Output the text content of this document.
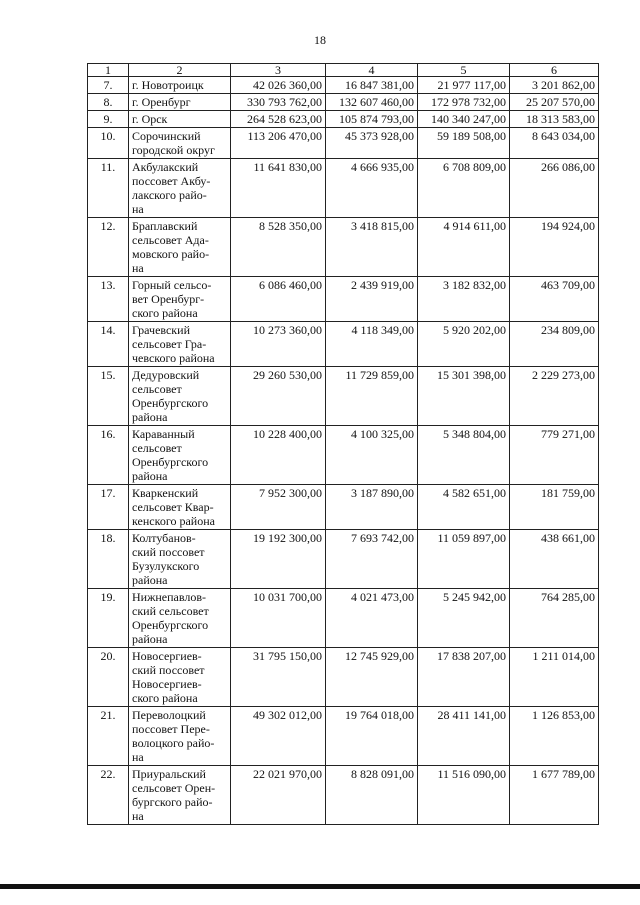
18
1	2	3	4	5	6
7.	г. Новотроицк	42 026 360,00	16 847 381,00	21 977 117,00	3 201 862,00
8.	г. Оренбург	330 793 762,00	132 607 460,00	172 978 732,00	25 207 570,00
9.	г. Орск	264 528 623,00	105 874 793,00	140 340 247,00	18 313 583,00
10.	Сорочинский
городской округ	113 206 470,00	45 373 928,00	59 189 508,00	8 643 034,00
11.	Акбулакский
поссовет Акбу-
лакского райо-
на	11 641 830,00	4 666 935,00	6 708 809,00	266 086,00
12.	Браплавский
сельсовет Ада-
мовского райо-
на	8 528 350,00	3 418 815,00	4 914 611,00	194 924,00
13.	Горный сельсо-
вет Оренбург-
ского района	6 086 460,00	2 439 919,00	3 182 832,00	463 709,00
14.	Грачевский
сельсовет Гра-
чевского района	10 273 360,00	4 118 349,00	5 920 202,00	234 809,00
15.	Дедуровский
сельсовет
Оренбургского
района	29 260 530,00	11 729 859,00	15 301 398,00	2 229 273,00
16.	Караванный
сельсовет
Оренбургского
района	10 228 400,00	4 100 325,00	5 348 804,00	779 271,00
17.	Кваркенский
сельсовет Квар-
кенского района	7 952 300,00	3 187 890,00	4 582 651,00	181 759,00
18.	Колтубанов-
ский поссовет
Бузулукского
района	19 192 300,00	7 693 742,00	11 059 897,00	438 661,00
19.	Нижнепавлов-
ский сельсовет
Оренбургского
района	10 031 700,00	4 021 473,00	5 245 942,00	764 285,00
20.	Новосергиев-
ский поссовет
Новосергиев-
ского района	31 795 150,00	12 745 929,00	17 838 207,00	1 211 014,00
21.	Переволоцкий
поссовет Пере-
волоцкого райо-
на	49 302 012,00	19 764 018,00	28 411 141,00	1 126 853,00
22.	Приуральский
сельсовет Орен-
бургского райо-
на	22 021 970,00	8 828 091,00	11 516 090,00	1 677 789,00
